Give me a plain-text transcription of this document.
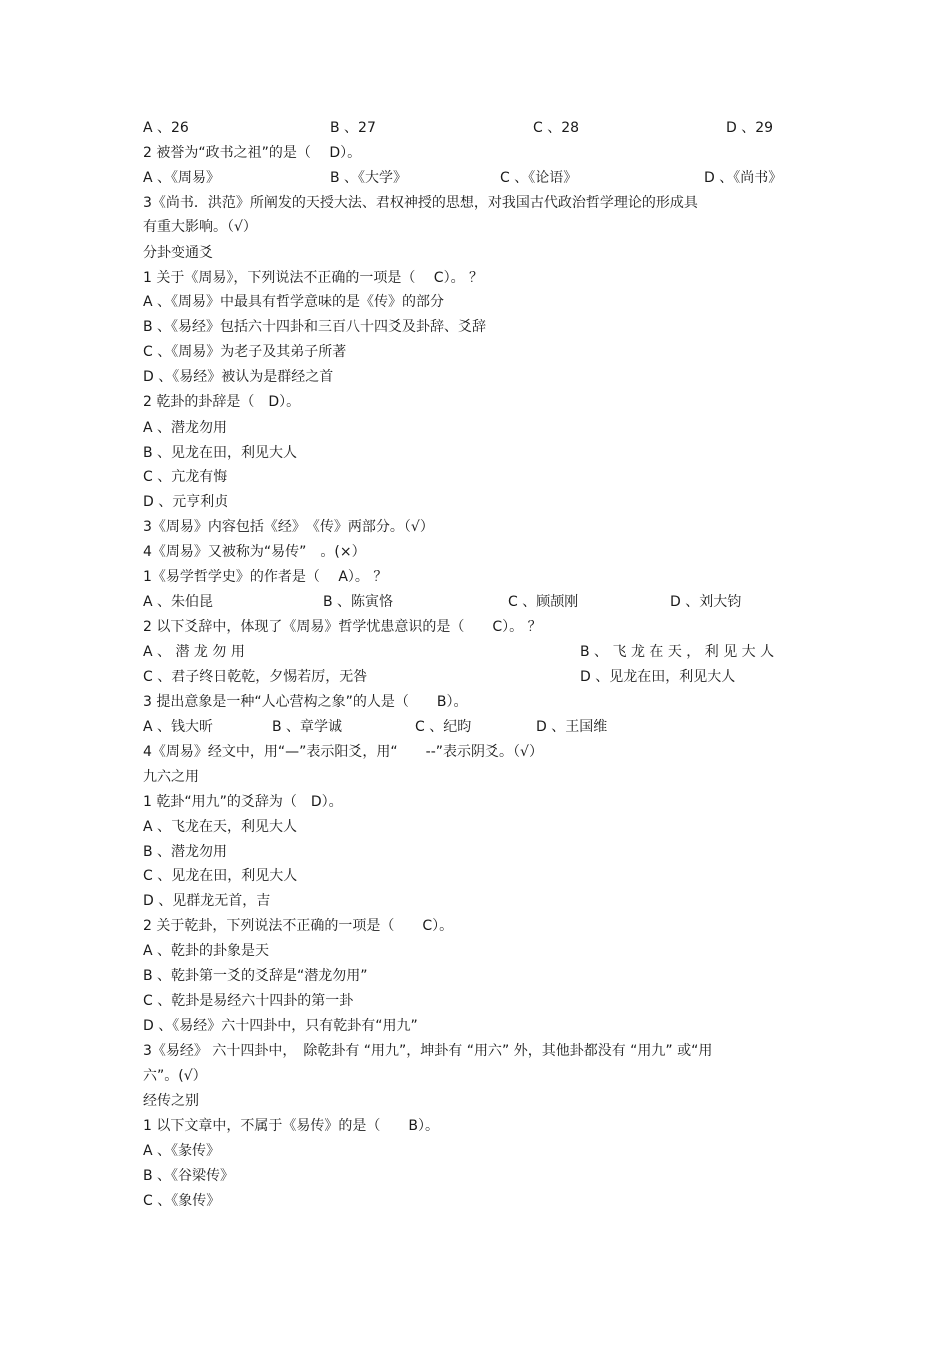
A 、26	B 、27	C 、28	D 、29
2 被誉为“政书之祖”的是（　 D）。
A 、《周易》	B 、《大学》	C 、《论语》	D 、《尚书》
3《尚书．洪范》所阐发的天授大法、君权神授的思想，对我国古代政治哲学理论的形成具
有重大影响。（√）
分卦变通爻
1 关于《周易》，下列说法不正确的一项是（　 C）。 ？
A 、《周易》中最具有哲学意味的是《传》的部分
B 、《易经》包括六十四卦和三百八十四爻及卦辞、爻辞
C 、《周易》为老子及其弟子所著
D 、《易经》被认为是群经之首
2 乾卦的卦辞是（　D）。
A 、潜龙勿用
B 、见龙在田，利见大人
C 、亢龙有悔
D 、元亨利贞
3《周易》内容包括《经》　《传》两部分。（√）
4《周易》又被称为“易传”　。(×）
1《易学哲学史》的作者是（　 A）。 ？
A 、朱伯昆	B 、陈寅恪	C 、顾颉刚	D 、刘大钧
2 以下爻辞中，体现了《周易》哲学忧患意识的是（　　C）。 ？
A 、 潜 龙 勿 用	B 、 飞 龙 在 天 ， 利 见 大 人
C 、君子终日乾乾，夕惕若厉，无咎	D 、见龙在田，利见大人
3 提出意象是一种“人心营构之象”的人是（　　B）。
A 、钱大昕	B 、章学诚	C 、纪昀	D 、王国维
4《周易》经文中，用“—”表示阳爻，用“　　--”表示阴爻。（√）
九六之用
1 乾卦“用九”的爻辞为（　D）。
A 、飞龙在天，利见大人
B 、潜龙勿用
C 、见龙在田，利见大人
D 、见群龙无首，吉
2 关于乾卦，下列说法不正确的一项是（　　C）。
A 、乾卦的卦象是天
B 、乾卦第一爻的爻辞是“潜龙勿用”
C 、乾卦是易经六十四卦的第一卦
D 、《易经》六十四卦中，只有乾卦有“用九”
3《易经》 六十四卦中，　除乾卦有 “用九”，坤卦有 “用六” 外，其他卦都没有 “用九” 或“用
六”。(√）
经传之别
1 以下文章中，不属于《易传》的是（　　B）。
A 、《彖传》
B 、《谷梁传》
C 、《象传》
